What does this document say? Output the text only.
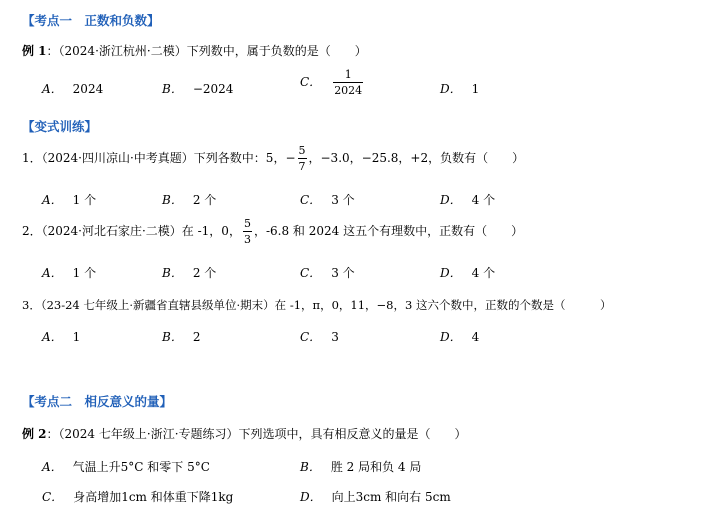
【考点一　正数和负数】
例 1：（2024·浙江杭州·二模）下列数中，属于负数的是（　　）
A． 2024	B． −2024	C． $\frac{1}{2024}$	D． 1
【变式训练】
1．（2024·四川凉山·中考真题）下列各数中：5，− $\frac{5}{7}$ ，−3.0，−25.8，+2，负数有（　　）
A． 1 个	B． 2 个	C． 3 个	D． 4 个
2．（2024·河北石家庄·二模）在 -1，0， $\frac{5}{3}$ ，-6.8 和 2024 这五个有理数中，正数有（　　）
A． 1 个	B． 2 个	C． 3 个	D． 4 个
3．（23-24 七年级上·新疆省直辖县级单位·期末）在 -1，π，0，11，−8，3 这六个数中，正数的个数是（　　　）
A． 1	B． 2	C． 3	D． 4
【考点二　相反意义的量】
例 2：（2024 七年级上·浙江·专题练习）下列选项中，具有相反意义的量是（　　）
A． 气温上升5°C 和零下 5°C	B． 胜 2 局和负 4 局
C． 身高增加1cm 和体重下降1kg	D． 向上3cm 和向右 5cm
